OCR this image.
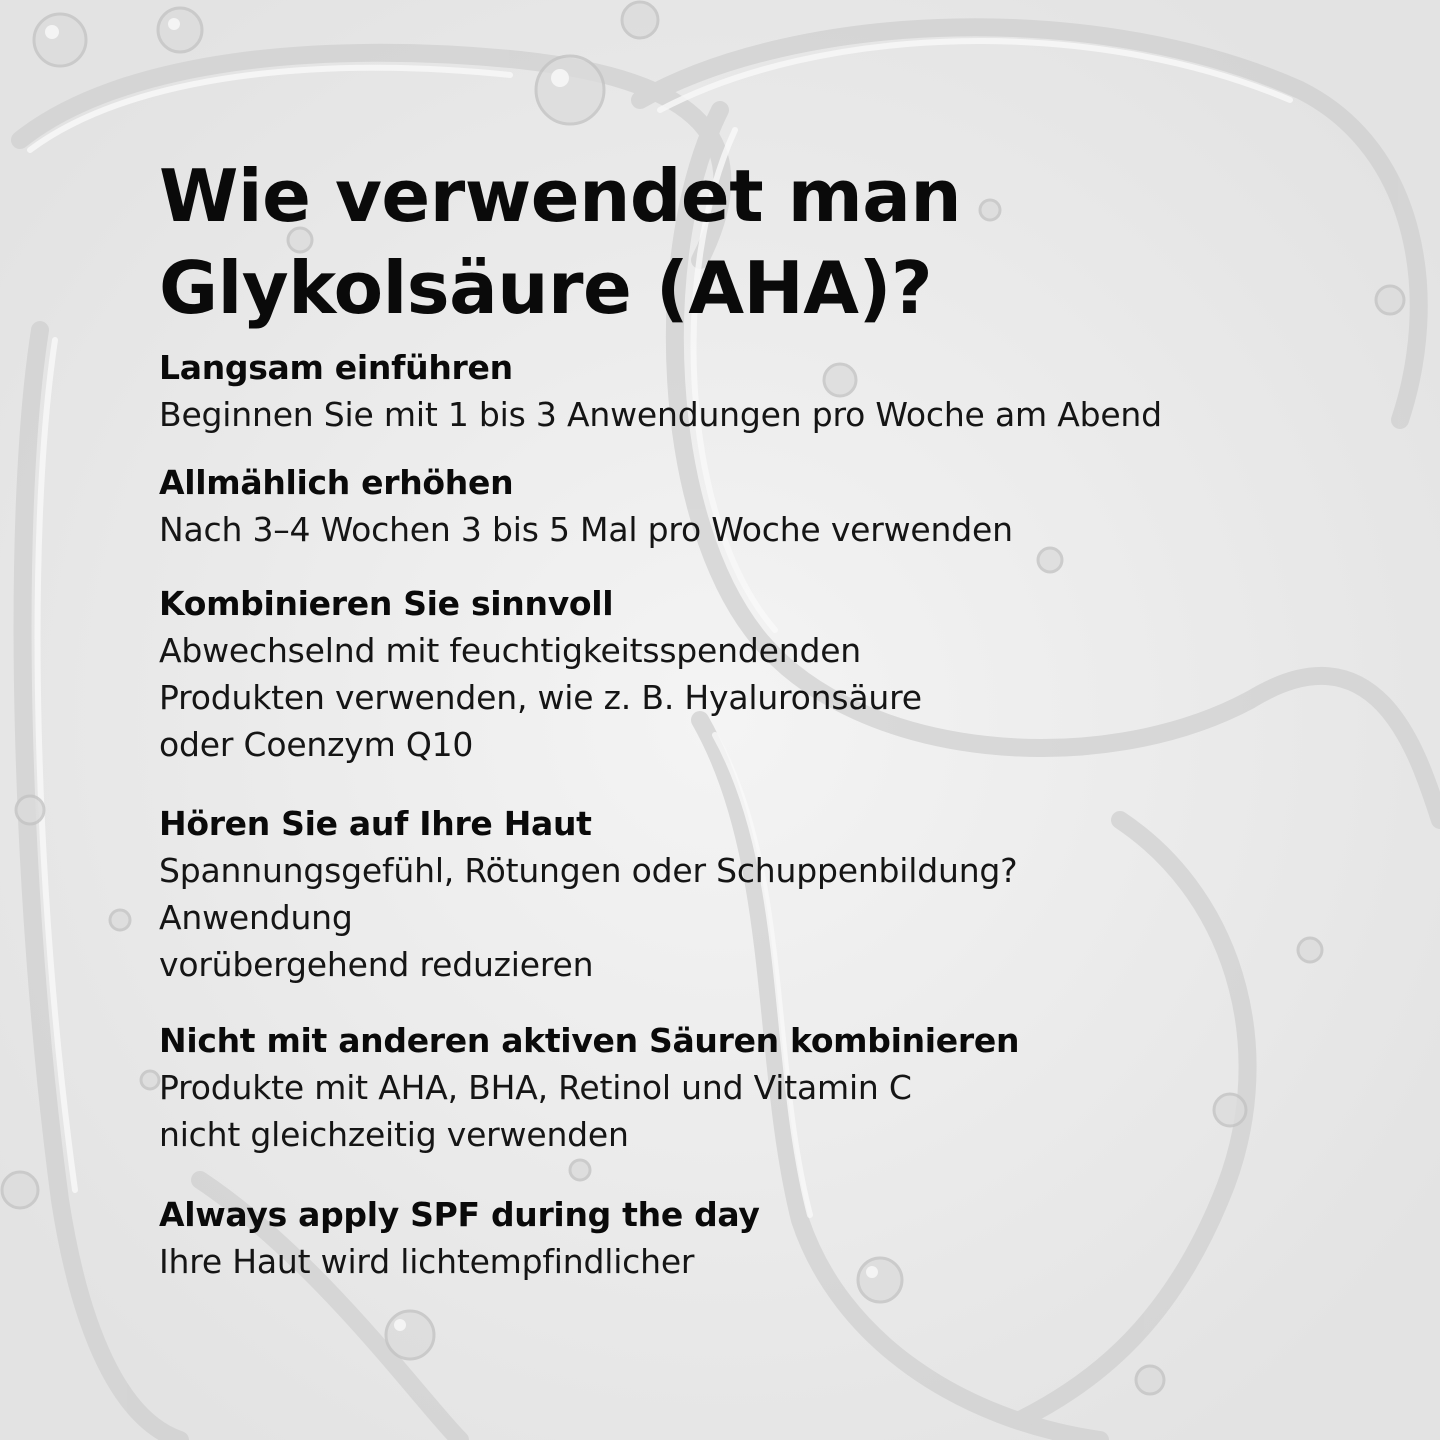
Wie verwendet man
Glykolsäure (AHA)?
Langsam einführen
Beginnen Sie mit 1 bis 3 Anwendungen pro Woche am Abend
Allmählich erhöhen
Nach 3–4 Wochen 3 bis 5 Mal pro Woche verwenden
Kombinieren Sie sinnvoll
Abwechselnd mit feuchtigkeitsspendenden
Produkten verwenden, wie z. B. Hyaluronsäure
oder Coenzym Q10
Hören Sie auf Ihre Haut
Spannungsgefühl, Rötungen oder Schuppenbildung?
Anwendung
vorübergehend reduzieren
Nicht mit anderen aktiven Säuren kombinieren
Produkte mit AHA, BHA, Retinol und Vitamin C
nicht gleichzeitig verwenden
Always apply SPF during the day
Ihre Haut wird lichtempfindlicher
